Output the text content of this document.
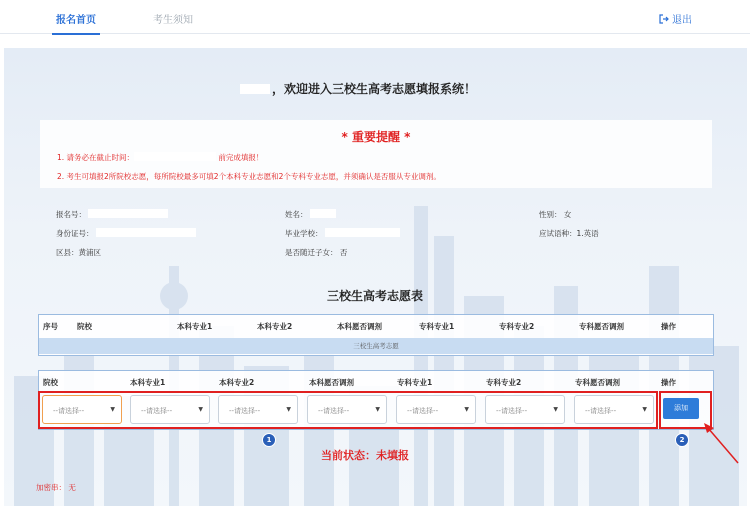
报名首页	考生须知	退出
，欢迎进入三校生高考志愿填报系统！
* 重要提醒 *
1. 请务必在截止时间：	前完成填报！
2. 考生可填报2所院校志愿，每所院校最多可填2个本科专业志愿和2个专科专业志愿，并须确认是否服从专业调剂。
报名号：	姓名：	性别： 女
身份证号：	毕业学校：	应试语种：1.英语
区县：黄浦区	是否随迁子女： 否
三校生高考志愿表
序号	院校	本科专业1	本科专业2	本科愿否调剂	专科专业1	专科专业2	专科愿否调剂	操作
三校生高考志愿
院校	本科专业1	本科专业2	本科愿否调剂	专科专业1	专科专业2	专科愿否调剂	操作
--请选择--	▼	--请选择--	▼	--请选择--	▼	--请选择--	▼	--请选择--	▼	--请选择--	▼	--请选择--	▼	添加
1	2
当前状态：未填报
加密串： 无
